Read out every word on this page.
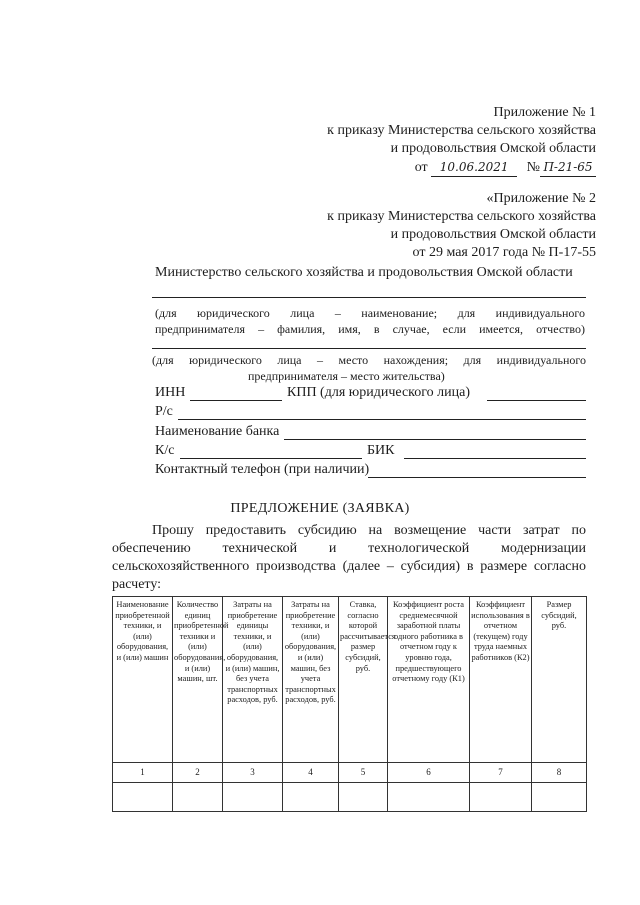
Приложение № 1
к приказу Министерства сельского хозяйства
и продовольствия Омской области
от 10.06.2021 № П-21-65
«Приложение № 2
к приказу Министерства сельского хозяйства
и продовольствия Омской области
от 29 мая 2017 года № П-17-55
Министерство сельского хозяйства и продовольствия Омской области
(для юридического лица – наименование; для индивидуального
предпринимателя – фамилия, имя, в случае, если имеется, отчество)
(для юридического лица – место нахождения; для индивидуального
предпринимателя – место жительства)
ИНН	КПП (для юридического лица)
Р/с
Наименование банка
К/с	БИК
Контактный телефон (при наличии)
ПРЕДЛОЖЕНИЕ (ЗАЯВКА)
Прошу предоставить субсидию на возмещение части затрат по
обеспечению технической и технологической модернизации
сельскохозяйственного производства (далее – субсидия) в размере согласно
расчету:
Наименование приобретенной техники, и (или) оборудования, и (или) машин	Количество единиц приобретенной техники и (или) оборудования, и (или) машин, шт.	Затраты на приобретение единицы техники, и (или) оборудования, и (или) машин, без учета транспортных расходов, руб.	Затраты на приобретение техники, и (или) оборудования, и (или) машин, без учета транспортных расходов, руб.	Ставка, согласно которой рассчитывается размер субсидий, руб.	Коэффициент роста среднемесячной заработной платы одного работника в отчетном году к уровню года, предшествующего отчетному году (К1)	Коэффициент использования в отчетном (текущем) году труда наемных работников (К2)	Размер субсидий, руб.
1	2	3	4	5	6	7	8
